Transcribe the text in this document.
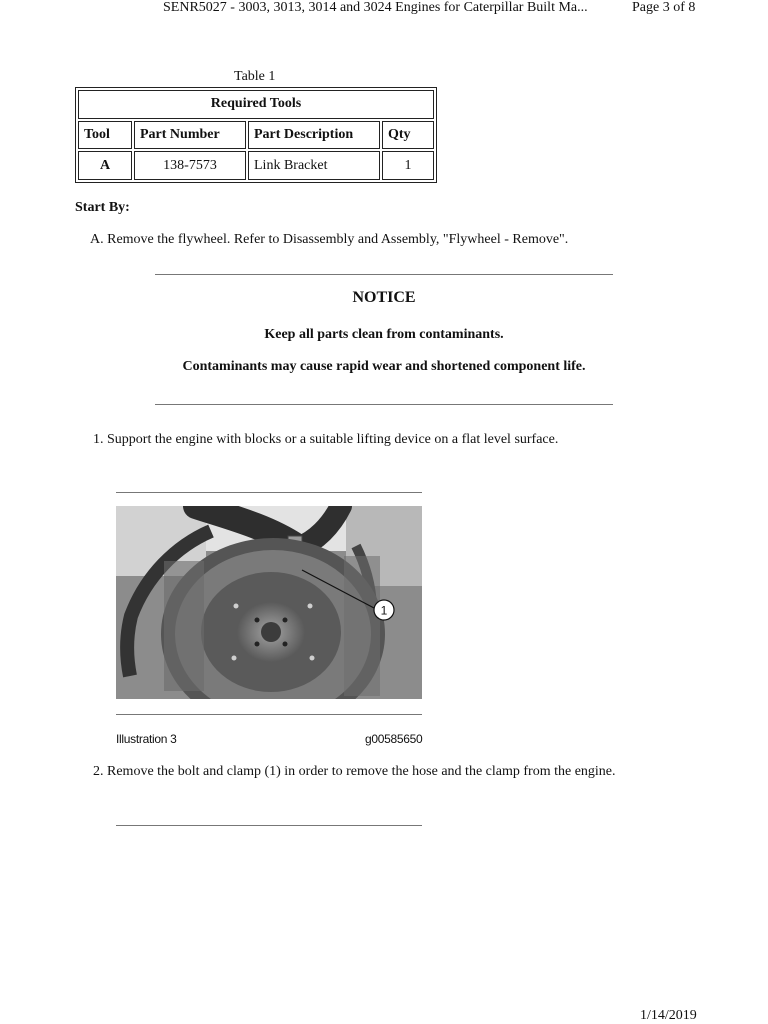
SENR5027 - 3003, 3013, 3014 and 3024 Engines for Caterpillar Built Ma...	Page 3 of 8
Table 1
Required Tools			
Tool	Part Number	Part Description	Qty
A	138-7573	Link Bracket	1
Start By:
A. Remove the flywheel. Refer to Disassembly and Assembly, "Flywheel - Remove".
NOTICE
Keep all parts clean from contaminants.
Contaminants may cause rapid wear and shortened component life.
1. Support the engine with blocks or a suitable lifting device on a flat level surface.
1
Illustration 3	g00585650
2. Remove the bolt and clamp (1) in order to remove the hose and the clamp from the engine.
1/14/2019
